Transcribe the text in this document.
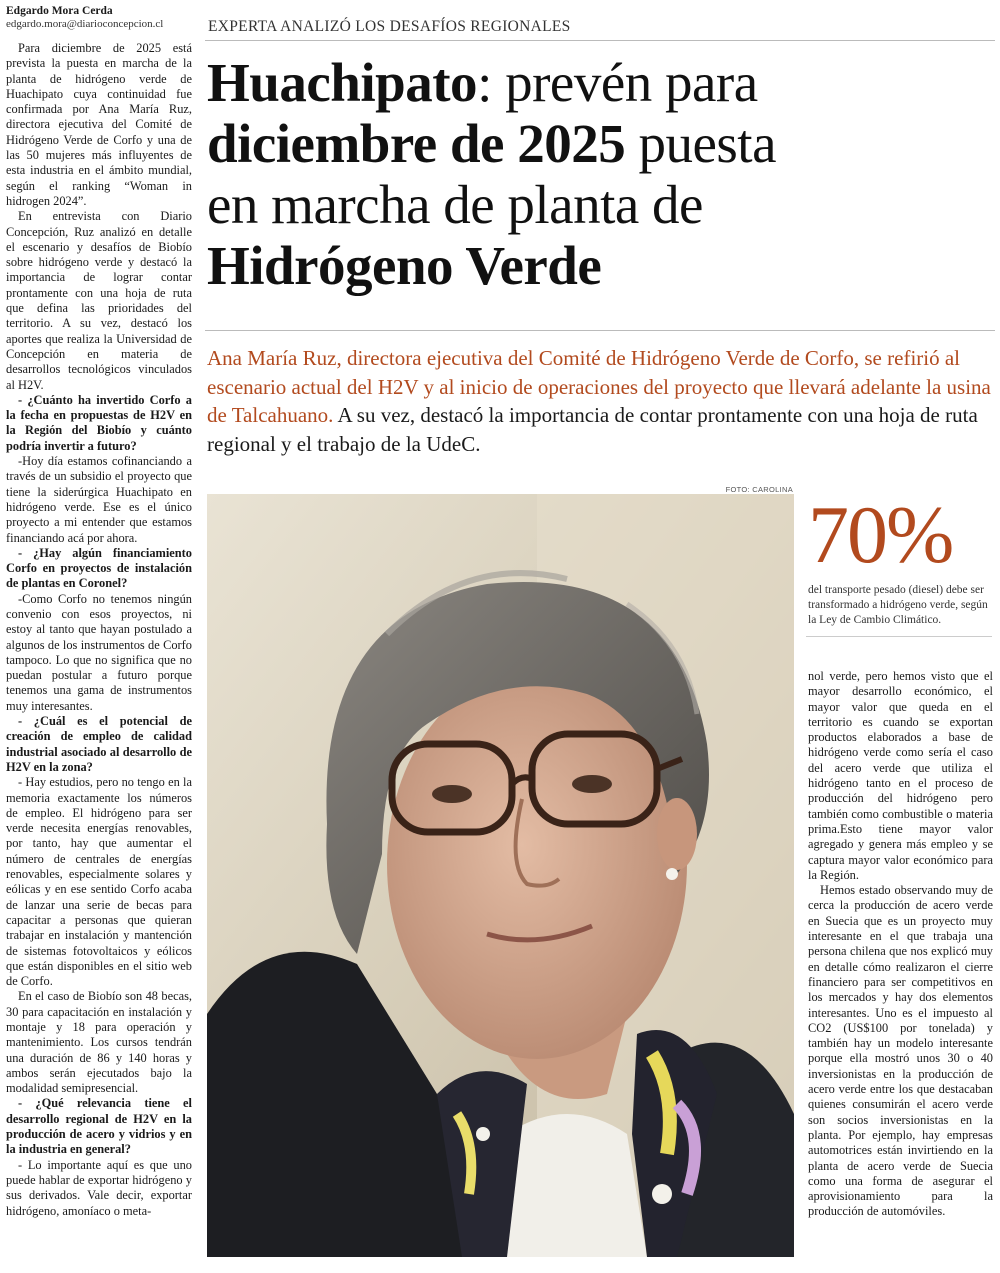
Edgardo Mora Cerda
edgardo.mora@diarioconcepcion.cl

Para diciembre de 2025 está prevista la puesta en marcha de la planta de hidrógeno verde de Huachipato cuya continuidad fue confirmada por Ana María Ruz, directora ejecutiva del Comité de Hidrógeno Verde de Corfo y una de las 50 mujeres más influyentes de esta industria en el ámbito mundial, según el ranking “Woman in hidrogen 2024”.

En entrevista con Diario Concepción, Ruz analizó en detalle el escenario y desafíos de Biobío sobre hidrógeno verde y destacó la importancia de lograr contar prontamente con una hoja de ruta que defina las prioridades del territorio. A su vez, destacó los aportes que realiza la Universidad de Concepción en materia de desarrollos tecnológicos vinculados al H2V.

- ¿Cuánto ha invertido Corfo a la fecha en propuestas de H2V en la Región del Biobío y cuánto podría invertir a futuro?

-Hoy día estamos cofinanciando a través de un subsidio el proyecto que tiene la siderúrgica Huachipato en hidrógeno verde. Ese es el único proyecto a mi entender que estamos financiando acá por ahora.

- ¿Hay algún financiamiento Corfo en proyectos de instalación de plantas en Coronel?

-Como Corfo no tenemos ningún convenio con esos proyectos, ni estoy al tanto que hayan postulado a algunos de los instrumentos de Corfo tampoco. Lo que no significa que no puedan postular a futuro porque tenemos una gama de instrumentos muy interesantes.

- ¿Cuál es el potencial de creación de empleo de calidad industrial asociado al desarrollo de H2V en la zona?

- Hay estudios, pero no tengo en la memoria exactamente los números de empleo. El hidrógeno para ser verde necesita energías renovables, por tanto, hay que aumentar el número de centrales de energías renovables, especialmente solares y eólicas y en ese sentido Corfo acaba de lanzar una serie de becas para capacitar a personas que quieran trabajar en instalación y mantención de sistemas fotovoltaicos y eólicos que están disponibles en el sitio web de Corfo.

En el caso de Biobío son 48 becas, 30 para capacitación en instalación y montaje y 18 para operación y mantenimiento. Los cursos tendrán una duración de 86 y 140 horas y ambos serán ejecutados bajo la modalidad semipresencial.

- ¿Qué relevancia tiene el desarrollo regional de H2V en la producción de acero y vidrios y en la industria en general?

- Lo importante aquí es que uno puede hablar de exportar hidrógeno y sus derivados. Vale decir, exportar hidrógeno, amoníaco o meta-

EXPERTA ANALIZÓ LOS DESAFÍOS REGIONALES
Huachipato: prevén para
diciembre de 2025 puesta
en marcha de planta de
Hidrógeno Verde
Ana María Ruz, directora ejecutiva del Comité de Hidrógeno Verde de Corfo, se refirió al escenario actual del H2V y al inicio de operaciones del proyecto que llevará adelante la usina de Talcahuano. A su vez, destacó la importancia de contar prontamente con una hoja de ruta regional y el trabajo de la UdeC.
FOTO: CAROLINA 70%
del transporte pesado (diesel) debe ser transformado a hidrógeno verde, según la Ley de Cambio Climático.

nol verde, pero hemos visto que el mayor desarrollo económico, el mayor valor que queda en el territorio es cuando se exportan productos elaborados a base de hidrógeno verde como sería el caso del acero verde que utiliza el hidrógeno tanto en el proceso de producción del hidrógeno pero también como combustible o materia prima.Esto tiene mayor valor agregado y genera más empleo y se captura mayor valor económico para la Región.

Hemos estado observando muy de cerca la producción de acero verde en Suecia que es un proyecto muy interesante en el que trabaja una persona chilena que nos explicó muy en detalle cómo realizaron el cierre financiero para ser competitivos en los mercados y hay dos elementos interesantes. Uno es el impuesto al CO2 (US$100 por tonelada) y también hay un modelo interesante porque ella mostró unos 30 o 40 inversionistas en la producción de acero verde entre los que destacaban quienes consumirán el acero verde son socios inversionistas en la planta. Por ejemplo, hay empresas automotrices están invirtiendo en la planta de acero verde de Suecia como una forma de asegurar el aprovisionamiento para la producción de automóviles.
